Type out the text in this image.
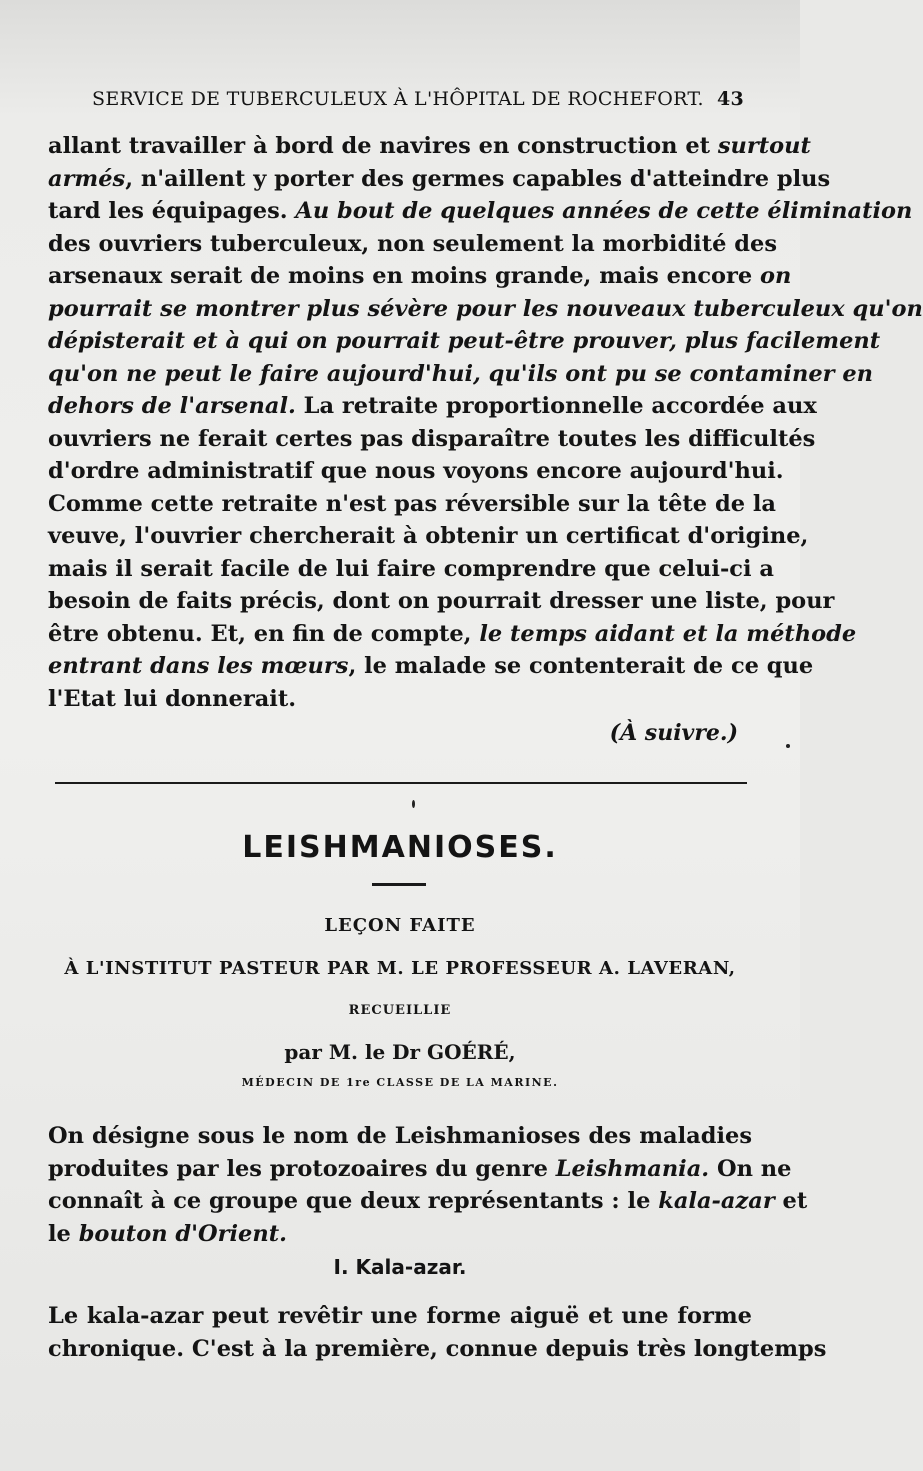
SERVICE DE TUBERCULEUX À L'HÔPITAL DE ROCHEFORT. 43
allant travailler à bord de navires en construction et surtout
armés, n'aillent y porter des germes capables d'atteindre plus
tard les équipages. Au bout de quelques années de cette élimination
des ouvriers tuberculeux, non seulement la morbidité des
arsenaux serait de moins en moins grande, mais encore on
pourrait se montrer plus sévère pour les nouveaux tuberculeux qu'on
dépisterait et à qui on pourrait peut-être prouver, plus facilement
qu'on ne peut le faire aujourd'hui, qu'ils ont pu se contaminer en
dehors de l'arsenal. La retraite proportionnelle accordée aux
ouvriers ne ferait certes pas disparaître toutes les difficultés
d'ordre administratif que nous voyons encore aujourd'hui.
Comme cette retraite n'est pas réversible sur la tête de la
veuve, l'ouvrier chercherait à obtenir un certificat d'origine,
mais il serait facile de lui faire comprendre que celui-ci a
besoin de faits précis, dont on pourrait dresser une liste, pour
être obtenu. Et, en fin de compte, le temps aidant et la méthode
entrant dans les mœurs, le malade se contenterait de ce que
l'Etat lui donnerait.
(À suivre.)
LEISHMANIOSES.
LEÇON FAITE
À L'INSTITUT PASTEUR PAR M. LE PROFESSEUR A. LAVERAN,
RECUEILLIE
par M. le Dr GOÉRÉ,
MÉDECIN DE 1re CLASSE DE LA MARINE.
On désigne sous le nom de Leishmanioses des maladies
produites par les protozoaires du genre Leishmania. On ne
connaît à ce groupe que deux représentants : le kala-azar et
le bouton d'Orient.
I. Kala-azar.
Le kala-azar peut revêtir une forme aiguë et une forme
chronique. C'est à la première, connue depuis très longtemps
